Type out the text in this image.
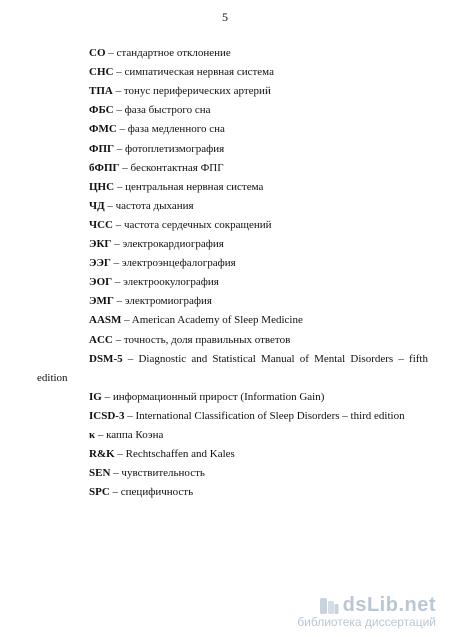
5
СО – стандартное отклонение
СНС – симпатическая нервная система
ТПА – тонус периферических артерий
ФБС – фаза быстрого сна
ФМС – фаза медленного сна
ФПГ – фотоплетизмография
бФПГ – бесконтактная ФПГ
ЦНС – центральная нервная система
ЧД – частота дыхания
ЧСС – частота сердечных сокращений
ЭКГ – электрокардиография
ЭЭГ – электроэнцефалография
ЭОГ – электроокулография
ЭМГ – электромиография
AASM – American Academy of Sleep Medicine
ACC – точность, доля правильных ответов
DSM-5 – Diagnostic and Statistical Manual of Mental Disorders – fifth
edition
IG – информационный прирост (Information Gain)
ICSD-3 – International Classification of Sleep Disorders – third edition
κ – каппа Коэна
R&K – Rechtschaffen and Kales
SEN – чувствительность
SPC – специфичность
dsLib.net
библиотека диссертаций
